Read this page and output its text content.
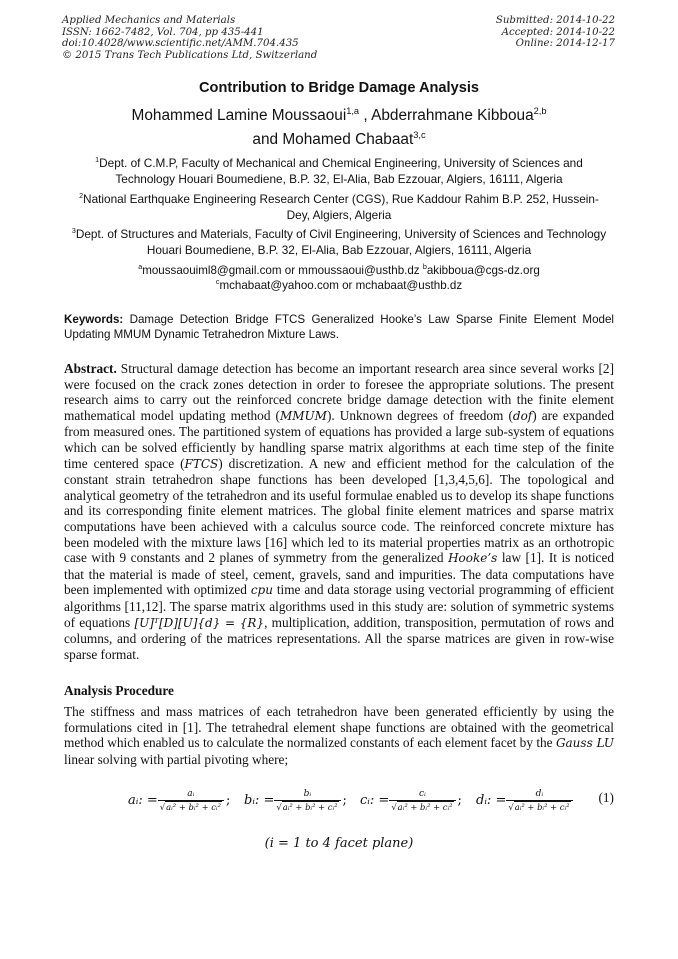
Applied Mechanics and Materials
ISSN: 1662-7482, Vol. 704, pp 435-441
doi:10.4028/www.scientific.net/AMM.704.435
© 2015 Trans Tech Publications Ltd, Switzerland
Submitted: 2014-10-22
Accepted: 2014-10-22
Online: 2014-12-17
Contribution to Bridge Damage Analysis
Mohammed Lamine Moussaoui$^{1,a}$ , Abderrahmane Kibboua$^{2,b}$
and Mohamed Chabaat$^{3,c}$
$^1$Dept. of C.M.P, Faculty of Mechanical and Chemical Engineering, University of Sciences and Technology Houari Boumediene, B.P. 32, El-Alia, Bab Ezzouar, Algiers, 16111, Algeria
$^2$National Earthquake Engineering Research Center (CGS), Rue Kaddour Rahim B.P. 252, Hussein-Dey, Algiers, Algeria
$^3$Dept. of Structures and Materials, Faculty of Civil Engineering, University of Sciences and Technology Houari Boumediene, B.P. 32, El-Alia, Bab Ezzouar, Algiers, 16111, Algeria
$^a$moussaouiml8@gmail.com or mmoussaoui@usthb.dz $^b$akibboua@cgs-dz.org
$^c$mchabaat@yahoo.com or mchabaat@usthb.dz

Keywords: Damage Detection Bridge FTCS Generalized Hooke’s Law Sparse Finite Element Model Updating MMUM Dynamic Tetrahedron Mixture Laws.

Abstract. Structural damage detection has become an important research area since several works [2] were focused on the crack zones detection in order to foresee the appropriate solutions. The present research aims to carry out the reinforced concrete bridge damage detection with the finite element mathematical model updating method (MMUM). Unknown degrees of freedom (dof) are expanded from measured ones. The partitioned system of equations has provided a large sub-system of equations which can be solved efficiently by handling sparse matrix algorithms at each time step of the finite time centered space (FTCS) discretization. A new and efficient method for the calculation of the constant strain tetrahedron shape functions has been developed [1,3,4,5,6]. The topological and analytical geometry of the tetrahedron and its useful formulae enabled us to develop its shape functions and its corresponding finite element matrices. The global finite element matrices and sparse matrix computations have been achieved with a calculus source code. The reinforced concrete mixture has been modeled with the mixture laws [16] which led to its material properties matrix as an orthotropic case with 9 constants and 2 planes of symmetry from the generalized Hooke’s law [1]. It is noticed that the material is made of steel, cement, gravels, sand and impurities. The data computations have been implemented with optimized cpu time and data storage using vectorial programming of efficient algorithms [11,12]. The sparse matrix algorithms used in this study are: solution of symmetric systems of equations [U]ᵀ[D][U]{d} = {R}, multiplication, addition, transposition, permutation of rows and columns, and ordering of the matrices representations. All the sparse matrices are given in row-wise sparse format.

Analysis Procedure

The stiffness and mass matrices of each tetrahedron have been generated efficiently by using the formulations cited in [1]. The tetrahedral element shape functions are obtained with the geometrical method which enabled us to calculate the normalized constants of each element facet by the Gauss LU linear solving with partial pivoting where;

aᵢ: = $\frac{\text{aᵢ}}{\text{√aᵢ² + bᵢ² + cᵢ²}}$ ; bᵢ: = $\frac{\text{bᵢ}}{\text{√aᵢ² + bᵢ² + cᵢ²}}$ ; cᵢ: = $\frac{\text{cᵢ}}{\text{√aᵢ² + bᵢ² + cᵢ²}}$ ; dᵢ: = $\frac{\text{dᵢ}}{\text{√aᵢ² + bᵢ² + cᵢ²}} (1)$
(i = 1 to 4 facet plane)
